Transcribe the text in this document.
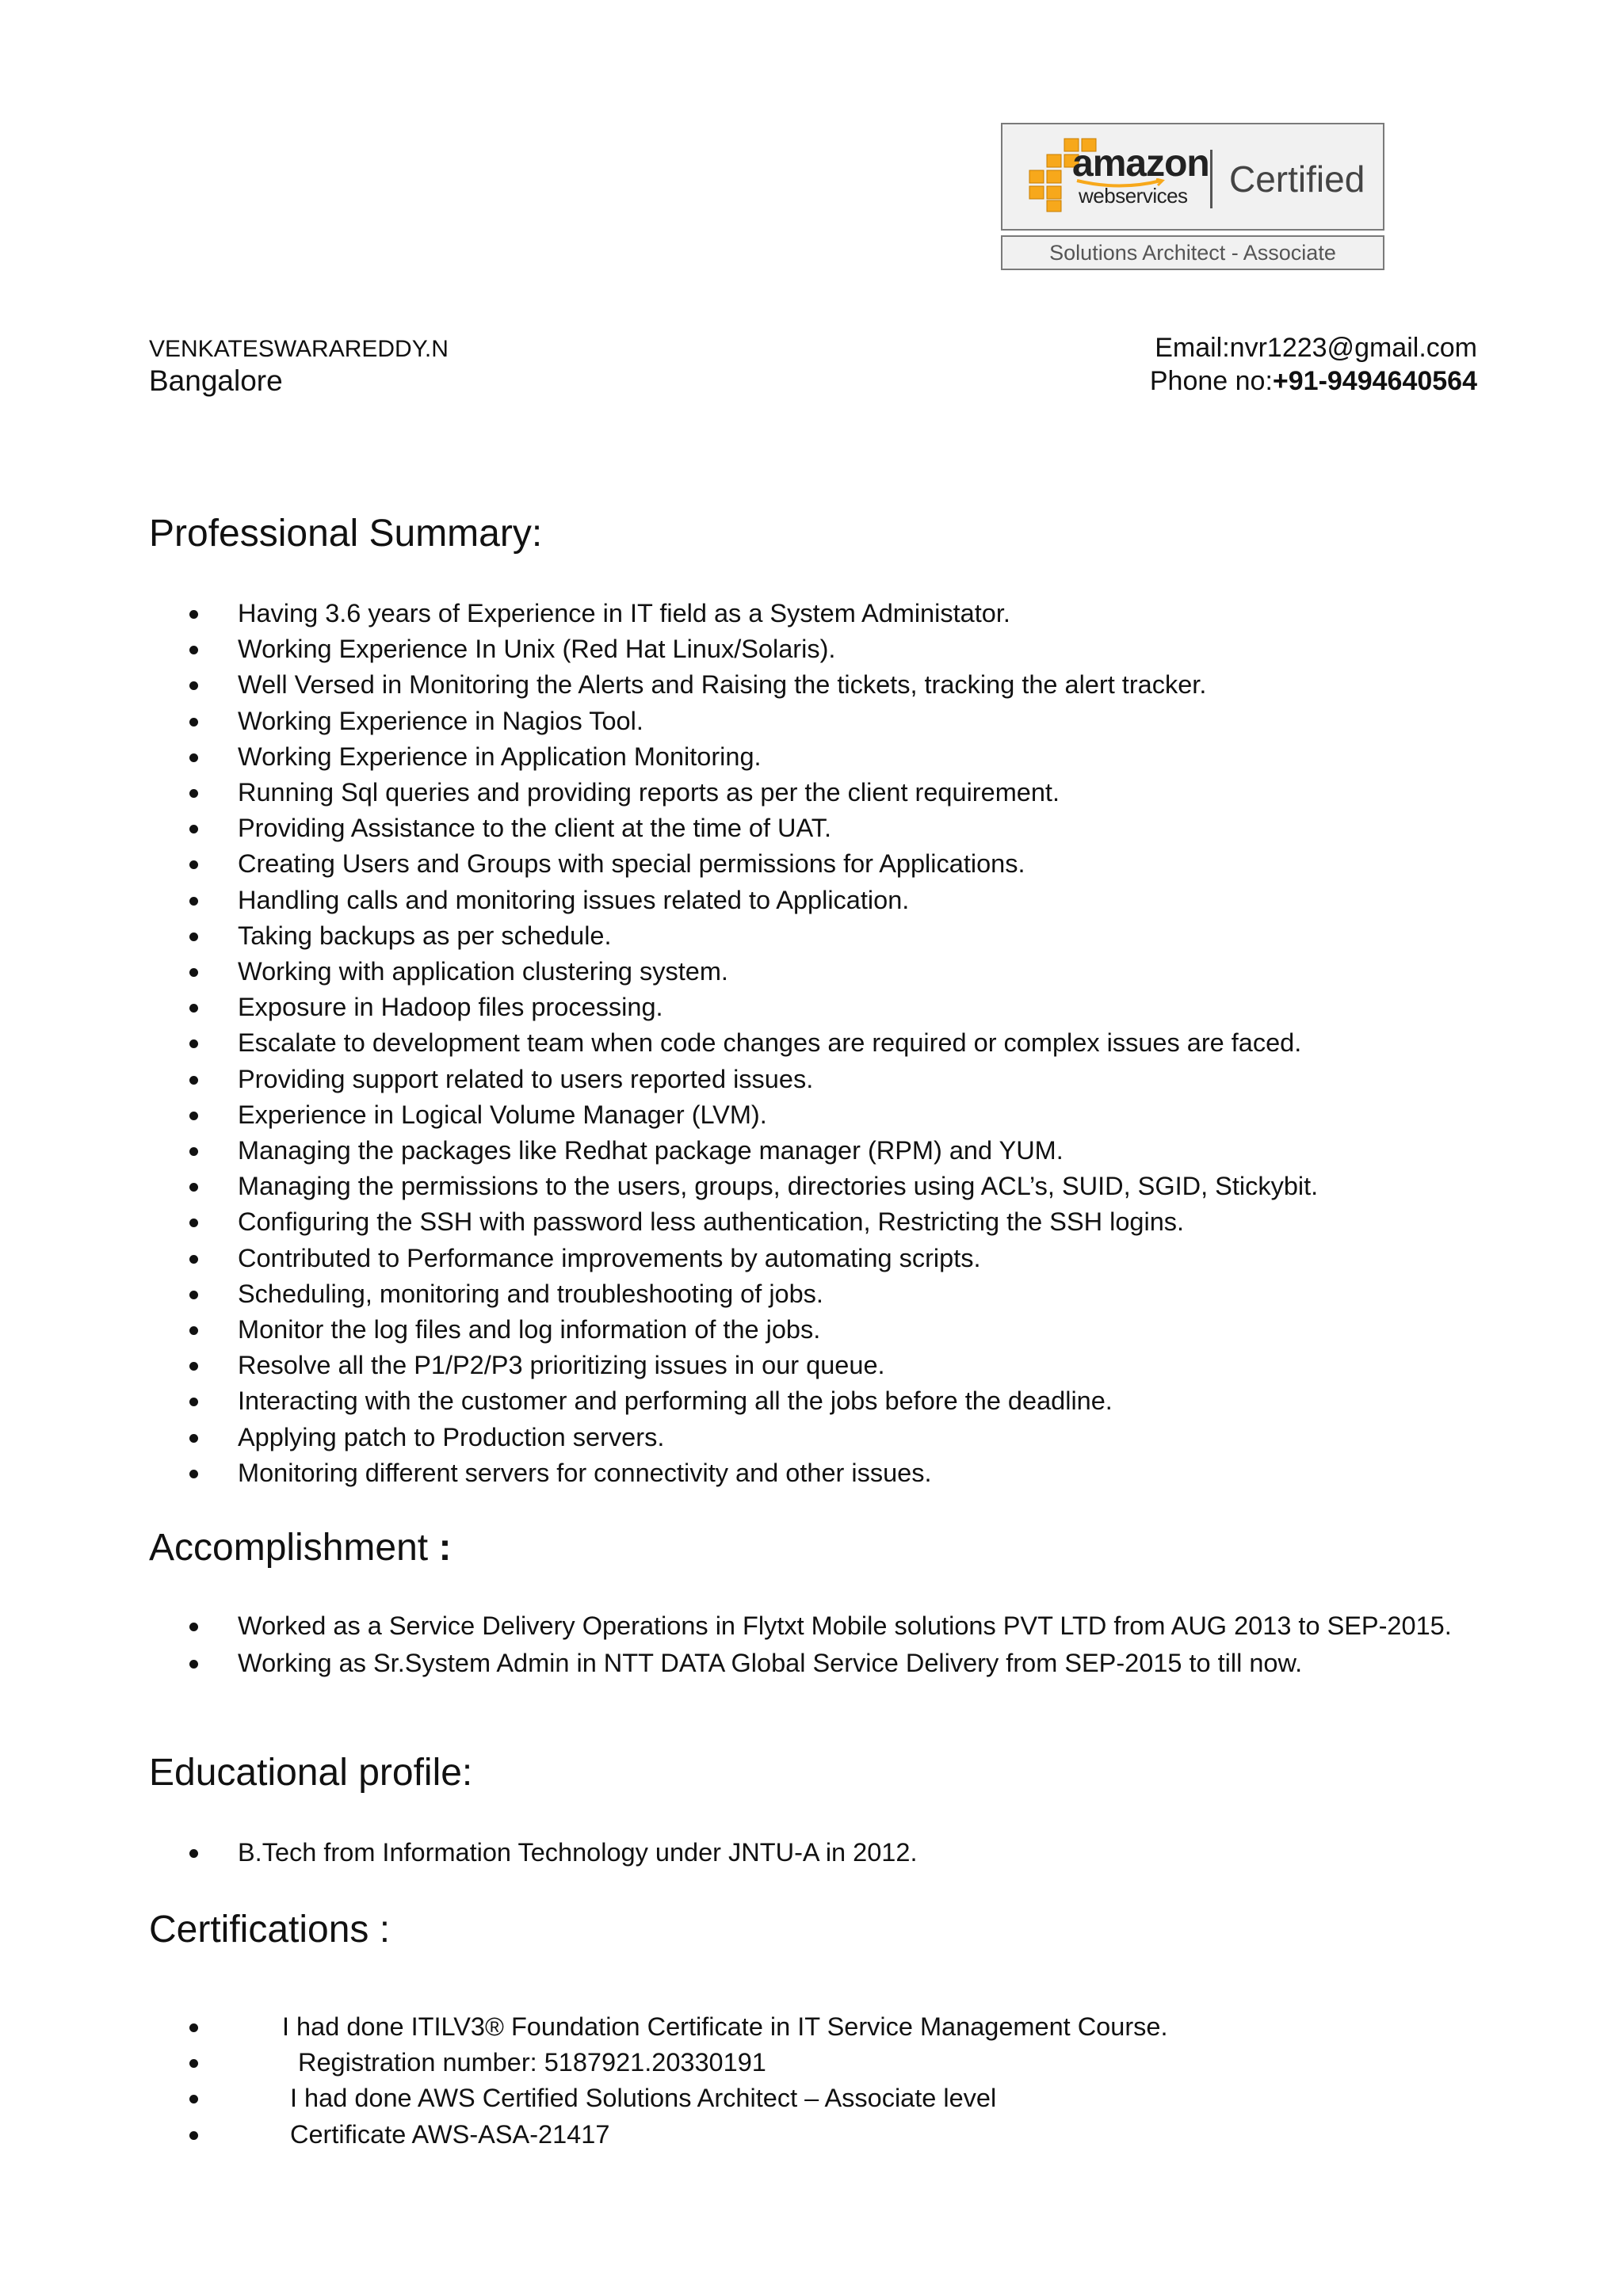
amazon
webservices Certified
Solutions Architect - Associate
VENKATESWARAREDDY.N
Bangalore
Email:nvr1223@gmail.com
Phone no:+91-9494640564
Professional Summary:
Having 3.6 years of Experience in IT field as a System Administator.
Working Experience In Unix (Red Hat Linux/Solaris).
Well Versed in Monitoring the Alerts and Raising the tickets, tracking the alert tracker.
Working Experience in Nagios Tool.
Working Experience in Application Monitoring.
Running Sql queries and providing reports as per the client requirement.
Providing Assistance to the client at the time of UAT.
Creating Users and Groups with special permissions for Applications.
Handling calls and monitoring issues related to Application.
Taking backups as per schedule.
Working with application clustering system.
Exposure in Hadoop files processing.
Escalate to development team when code changes are required or complex issues are faced.
Providing support related to users reported issues.
Experience in Logical Volume Manager (LVM).
Managing the packages like Redhat package manager (RPM) and YUM.
Managing the permissions to the users, groups, directories using ACL’s, SUID, SGID, Stickybit.
Configuring the SSH with password less authentication, Restricting the SSH logins.
Contributed to Performance improvements by automating scripts.
Scheduling, monitoring and troubleshooting of jobs.
Monitor the log files and log information of the jobs.
Resolve all the P1/P2/P3 prioritizing issues in our queue.
Interacting with the customer and performing all the jobs before the deadline.
Applying patch to Production servers.
Monitoring different servers for connectivity and other issues.
Accomplishment :
Worked as a Service Delivery Operations in Flytxt Mobile solutions PVT LTD from AUG 2013 to SEP-2015.
Working as Sr.System Admin in NTT DATA Global Service Delivery from SEP-2015 to till now.
Educational profile:
B.Tech from Information Technology under JNTU-A in 2012.
Certifications :
I had done ITILV3® Foundation Certificate in IT Service Management Course.
Registration number: 5187921.20330191
I had done AWS Certified Solutions Architect – Associate level
Certificate AWS-ASA-21417
